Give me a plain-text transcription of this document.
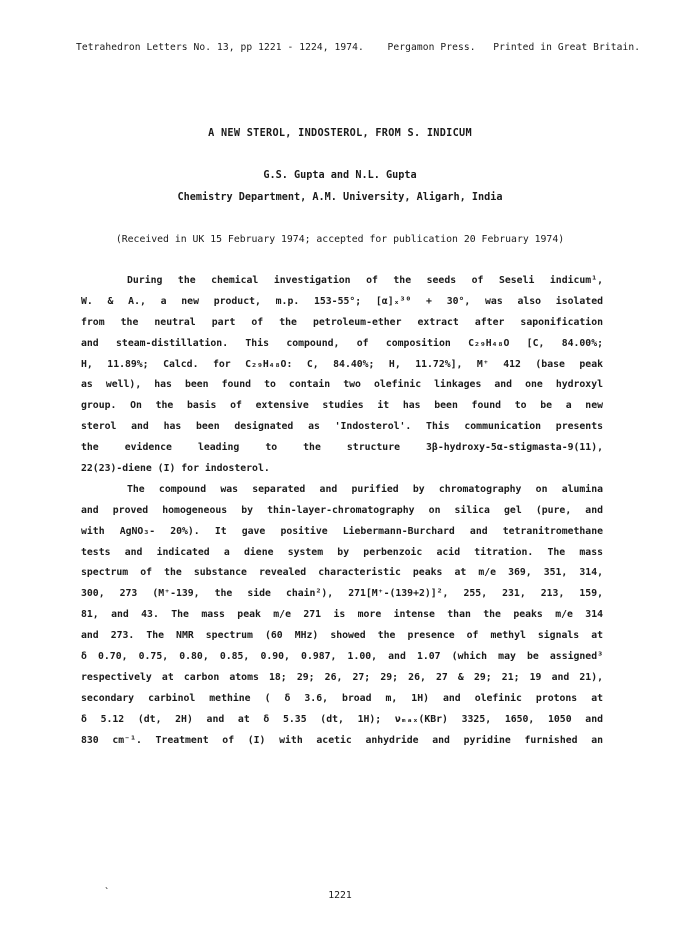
Tetrahedron Letters No. 13, pp 1221 - 1224, 1974. Pergamon Press. Printed in Great Britain.
A NEW STEROL, INDOSTEROL, FROM S. INDICUM
G.S. Gupta and N.L. Gupta
Chemistry Department, A.M. University, Aligarh, India
(Received in UK 15 February 1974; accepted for publication 20 February 1974)
During the chemical investigation of the seeds of Seseli indicum¹,
W. & A., a new product, m.p. 153-55°; [α]ₓ³⁰ + 30°, was also isolated
from the neutral part of the petroleum-ether extract after saponification
and steam-distillation. This compound, of composition C₂₉H₄₈O [C, 84.00%;
H, 11.89%; Calcd. for C₂₉H₄₈O: C, 84.40%; H, 11.72%], M⁺ 412 (base peak
as well), has been found to contain two olefinic linkages and one hydroxyl
group. On the basis of extensive studies it has been found to be a new
sterol and has been designated as 'Indosterol'. This communication presents
the evidence leading to the structure 3β-hydroxy-5α-stigmasta-9(11),
22(23)-diene (I) for indosterol.
The compound was separated and purified by chromatography on alumina
and proved homogeneous by thin-layer-chromatography on silica gel (pure, and
with AgNO₃- 20%). It gave positive Liebermann-Burchard and tetranitromethane
tests and indicated a diene system by perbenzoic acid titration. The mass
spectrum of the substance revealed characteristic peaks at m/e 369, 351, 314,
300, 273 (M⁺-139, the side chain²), 271[M⁺-(139+2)]², 255, 231, 213, 159,
81, and 43. The mass peak m/e 271 is more intense than the peaks m/e 314
and 273. The NMR spectrum (60 MHz) showed the presence of methyl signals at
δ 0.70, 0.75, 0.80, 0.85, 0.90, 0.987, 1.00, and 1.07 (which may be assigned³
respectively at carbon atoms 18; 29; 26, 27; 29; 26, 27 & 29; 21; 19 and 21),
secondary carbinol methine ( δ 3.6, broad m, 1H) and olefinic protons at
δ 5.12 (dt, 2H) and at δ 5.35 (dt, 1H); νₘₐₓ(KBr) 3325, 1650, 1050 and
830 cm⁻¹. Treatment of (I) with acetic anhydride and pyridine furnished an
`	1221
